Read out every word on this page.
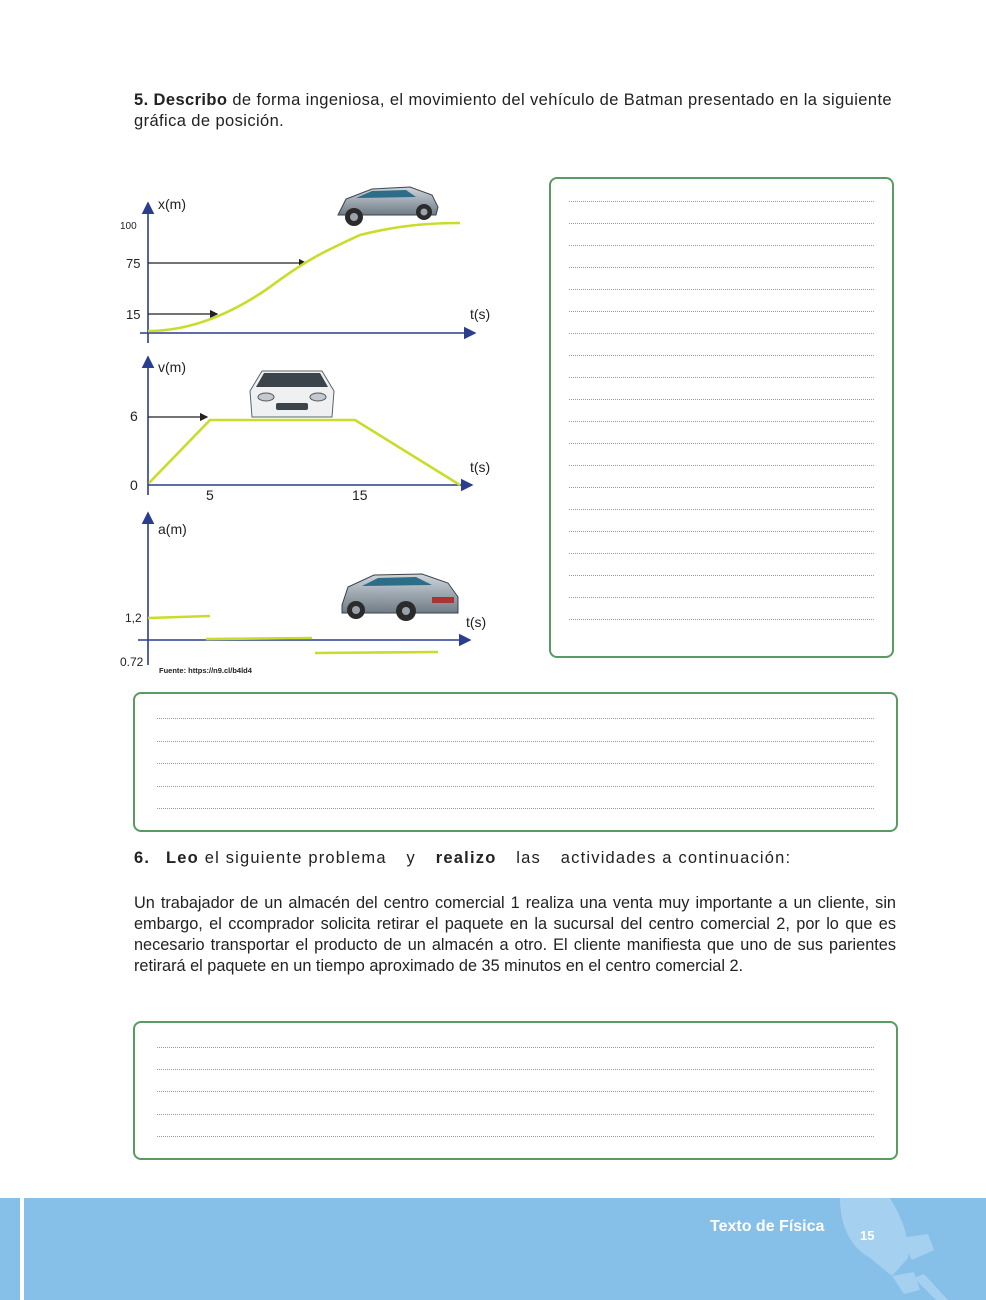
5. Describo de forma ingeniosa, el movimiento del vehículo de Batman presentado en la siguiente gráfica de posición.
x(m)
t(s)
100
75
15
v(m)
t(s)
6
0
5	15
a(m)
t(s)
1,2
0.72
Fuente: https://n9.cl/b4ld4
6. Leo el siguiente problema y realizo las actividades a continuación:
Un trabajador de un almacén del centro comercial 1 realiza una venta muy importante a un cliente, sin embargo, el ccomprador solicita retirar el paquete en la sucursal del centro comercial 2, por lo que es necesario transportar el producto de un almacén a otro. El cliente manifiesta que uno de sus parientes retirará el paquete en un tiempo aproximado de 35 minutos en el centro comercial 2.
Texto de Física
15
